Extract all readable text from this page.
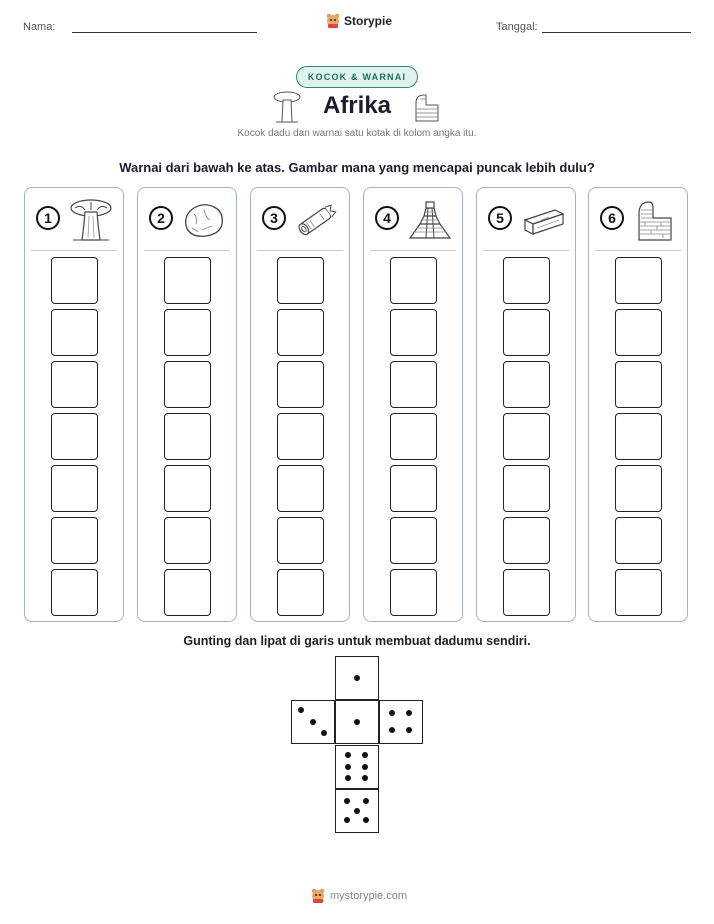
Nama:	Storypie	Tanggal:
KOCOK & WARNAI
Afrika
Kocok dadu dan warnai satu kotak di kolom angka itu.
Warnai dari bawah ke atas. Gambar mana yang mencapai puncak lebih dulu?
1	2	3	4	5	6
Gunting dan lipat di garis untuk membuat dadumu sendiri.
mystorypie.com
